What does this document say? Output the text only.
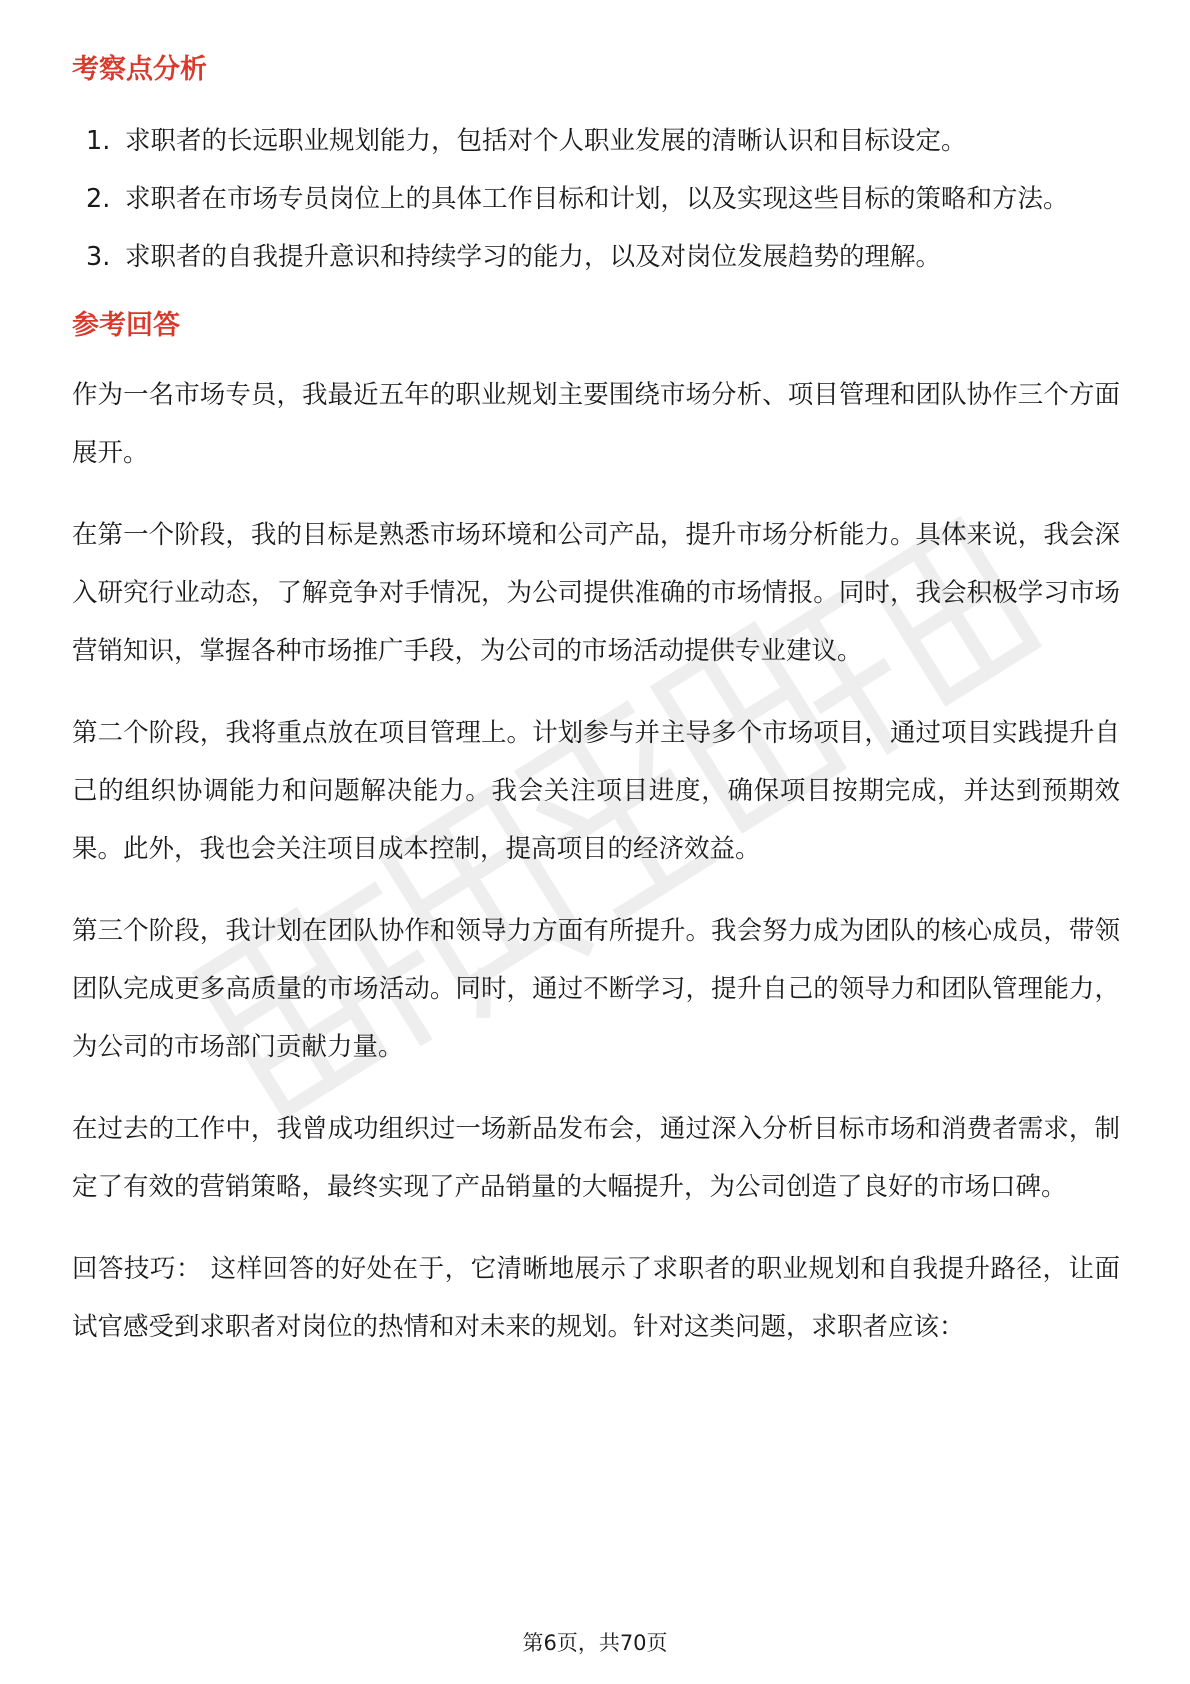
考察点分析
1. 求职者的长远职业规划能力，包括对个人职业发展的清晰认识和目标设定。
2. 求职者在市场专员岗位上的具体工作目标和计划，以及实现这些目标的策略和方法。
3. 求职者的自我提升意识和持续学习的能力，以及对岗位发展趋势的理解。
参考回答

作为一名市场专员，我最近五年的职业规划主要围绕市场分析、项目管理和团队协作三个方面展开。

在第一个阶段，我的目标是熟悉市场环境和公司产品，提升市场分析能力。具体来说，我会深入研究行业动态，了解竞争对手情况，为公司提供准确的市场情报。同时，我会积极学习市场营销知识，掌握各种市场推广手段，为公司的市场活动提供专业建议。

第二个阶段，我将重点放在项目管理上。计划参与并主导多个市场项目，通过项目实践提升自己的组织协调能力和问题解决能力。我会关注项目进度，确保项目按期完成，并达到预期效果。此外，我也会关注项目成本控制，提高项目的经济效益。

第三个阶段，我计划在团队协作和领导力方面有所提升。我会努力成为团队的核心成员，带领团队完成更多高质量的市场活动。同时，通过不断学习，提升自己的领导力和团队管理能力，为公司的市场部门贡献力量。

在过去的工作中，我曾成功组织过一场新品发布会，通过深入分析目标市场和消费者需求，制定了有效的营销策略，最终实现了产品销量的大幅提升，为公司创造了良好的市场口碑。

回答技巧： 这样回答的好处在于，它清晰地展示了求职者的职业规划和自我提升路径，让面试官感受到求职者对岗位的热情和对未来的规划。针对这类问题，求职者应该：

第6页，共70页
